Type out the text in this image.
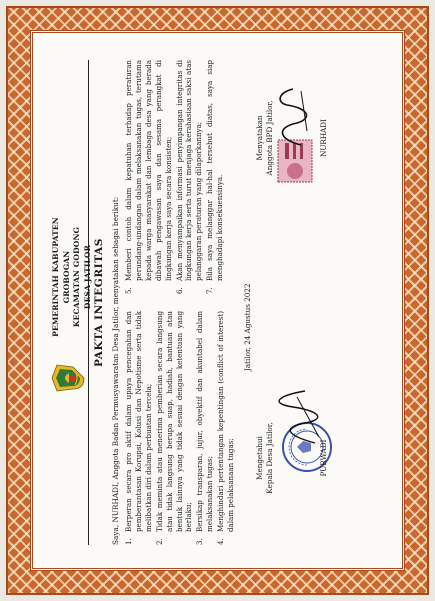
PEMERINTAH KABUPATEN GROBOGAN KECAMATAN GODONG DESA JATILOR PAKTA INTEGRITAS Saya, NURHADI, Anggota Badan Permusyawaratan Desa Jatilor, menyatakan sebagai berikut: 1.
Berperan secara pro aktif dalam upaya pencegahan dan pemberantasan Korupsi, Kolusi dan Nepotisme serta tidak melibatkan diri dalam perbuatan tercela;
2.
Tidak meminta atau menerima pemberian secara langsung atau tidak langsung berupa suap, hadiah, bantuan atau bentuk lainnya yang tidak sesuai dengan ketentuan yang berlaku;
3.
Bersikap transparan, jujur, obyektif dan akuntabel dalam melaksanakan tugas;
4.
Menghindari pertentangan kepentingan (conflict of interest) dalam pelaksanaan tugas;
5.
Memberi contoh dalam kepatuhan terhadap peraturan perundang-undangan dalam melaksanakan tugas, terutama kepada warga masyarakat dan lembaga desa yang berada dibawah pengawasan saya dan sesama perangkat di lingkungan kerja saya secara konsisten;
6.
Akan menyampaikan informasi penyimpangan integritas di lingkungan kerja serta turut menjaga kerahasiaan saksi atas pelanggaran peraturan yang dilaporkannya;
7.
Bila saya melanggar hal-hal tersebut diatas, saya siap menghadapi konsekuensinya.
Jatilor, 24 Agustus 2022
Mengetahui Kepala Desa Jatilor,	PURWADI
Menyatakan Anggota BPD Jatilor,	NURHADI
